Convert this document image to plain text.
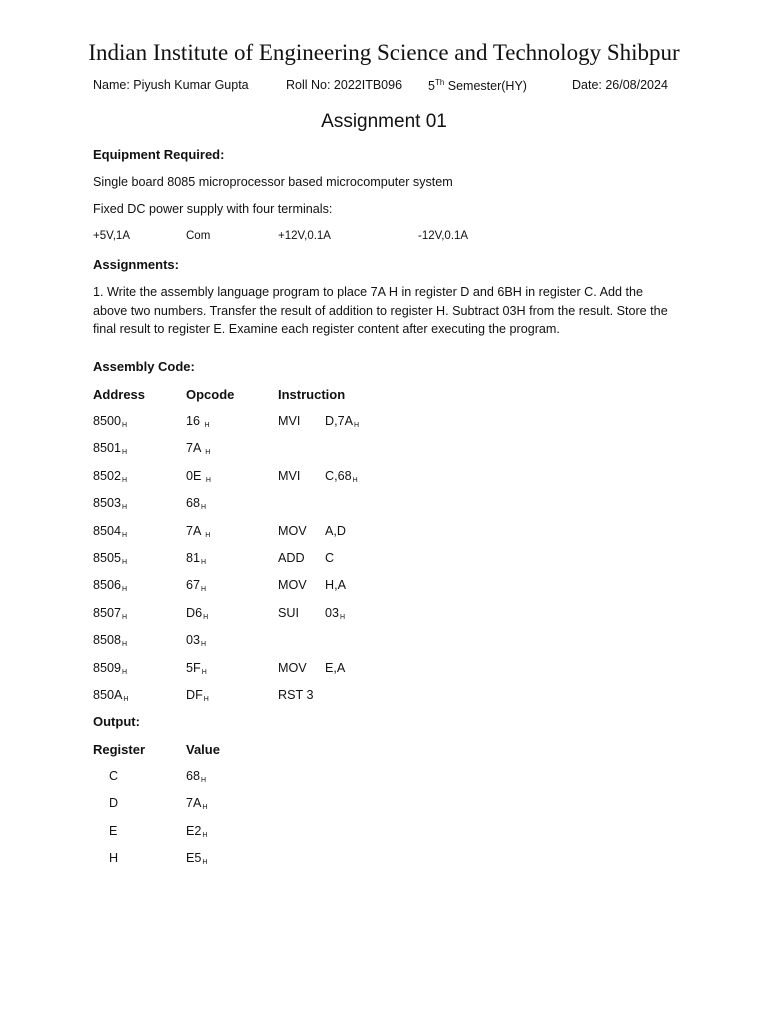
Indian Institute of Engineering Science and Technology Shibpur
Name: Piyush Kumar Gupta	Roll No: 2022ITB096 5Th Semester(HY)	Date: 26/08/2024
Assignment 01
Equipment Required:
Single board 8085 microprocessor based microcomputer system
Fixed DC power supply with four terminals:
+5V,1A	Com	+12V,0.1A	-12V,0.1A
Assignments:
1. Write the assembly language program to place 7A H in register D and 6BH in register C. Add the above two numbers. Transfer the result of addition to register H. Subtract 03H from the result. Store the final result to register E. Examine each register content after executing the program.
Assembly Code:
Address	Opcode	Instruction
$8500_H$	16 $_H$	MVI $D,7A_H$
$8501_H$	7A $_H$
$8502_H$	0E $_H$	MVI $C,68_H$
$8503_H$	$68_H$
$8504_H$	7A $_H$	MOV A,D
$8505_H$	$81_H$	ADD C
$8506_H$	$67_H$	MOV H,A
$8507_H$	$D6_H$	SUI $03_H$
$8508_H$	$03_H$
$8509_H$	$5F_H$	MOV E,A
$850A_H$	$DF_H$	RST 3
Output:
Register	Value
C	$68_H$
D	$7A_H$
E	$E2_H$
H	$E5_H$
